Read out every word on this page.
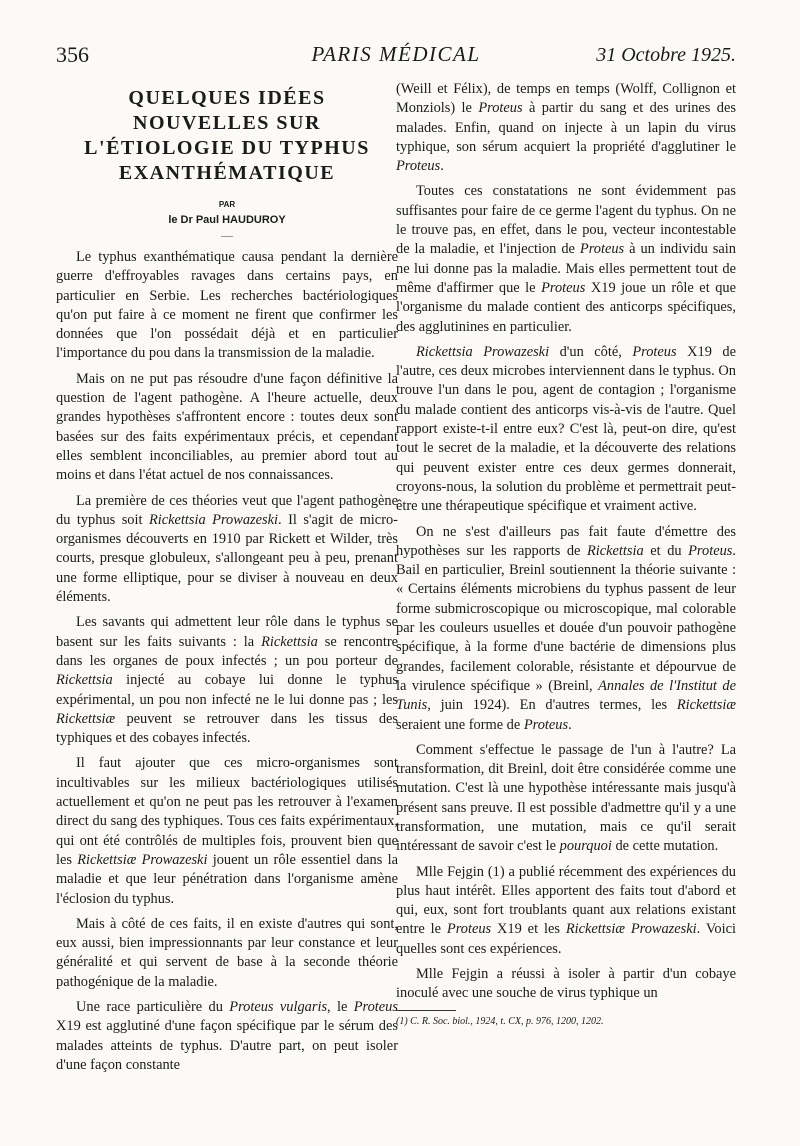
356	PARIS MÉDICAL	31 Octobre 1925.
QUELQUES IDÉES
NOUVELLES SUR
L'ÉTIOLOGIE DU TYPHUS
EXANTHÉMATIQUE
PAR
le Dr Paul HAUDUROY
—

Le typhus exanthématique causa pendant la dernière guerre d'effroyables ravages dans certains pays, en particulier en Serbie. Les recherches bactériologiques qu'on put faire à ce moment ne firent que confirmer les données que l'on possédait déjà et en particulier l'importance du pou dans la transmission de la maladie.

Mais on ne put pas résoudre d'une façon définitive la question de l'agent pathogène. A l'heure actuelle, deux grandes hypothèses s'affrontent encore : toutes deux sont basées sur des faits expérimentaux précis, et cependant elles semblent inconciliables, au premier abord tout au moins et dans l'état actuel de nos connaissances.

La première de ces théories veut que l'agent pathogène du typhus soit Rickettsia Prowazeski. Il s'agit de micro-organismes découverts en 1910 par Rickett et Wilder, très courts, presque globuleux, s'allongeant peu à peu, prenant une forme elliptique, pour se diviser à nouveau en deux éléments.

Les savants qui admettent leur rôle dans le typhus se basent sur les faits suivants : la Rickettsia se rencontre dans les organes de poux infectés ; un pou porteur de Rickettsia injecté au cobaye lui donne le typhus expérimental, un pou non infecté ne le lui donne pas ; les Rickettsiæ peuvent se retrouver dans les tissus des typhiques et des cobayes infectés.

Il faut ajouter que ces micro-organismes sont incultivables sur les milieux bactériologiques utilisés actuellement et qu'on ne peut pas les retrouver à l'examen direct du sang des typhiques. Tous ces faits expérimentaux, qui ont été contrôlés de multiples fois, prouvent bien que les Rickettsiæ Prowazeski jouent un rôle essentiel dans la maladie et que leur pénétration dans l'organisme amène l'éclosion du typhus.

Mais à côté de ces faits, il en existe d'autres qui sont, eux aussi, bien impressionnants par leur constance et leur généralité et qui servent de base à la seconde théorie pathogénique de la maladie.

Une race particulière du Proteus vulgaris, le Proteus X19 est agglutiné d'une façon spécifique par le sérum des malades atteints de typhus. D'autre part, on peut isoler d'une façon constante

(Weill et Félix), de temps en temps (Wolff, Collignon et Monziols) le Proteus à partir du sang et des urines des malades. Enfin, quand on injecte à un lapin du virus typhique, son sérum acquiert la propriété d'agglutiner le Proteus.

Toutes ces constatations ne sont évidemment pas suffisantes pour faire de ce germe l'agent du typhus. On ne le trouve pas, en effet, dans le pou, vecteur incontestable de la maladie, et l'injection de Proteus à un individu sain ne lui donne pas la maladie. Mais elles permettent tout de même d'affirmer que le Proteus X19 joue un rôle et que l'organisme du malade contient des anticorps spécifiques, des agglutinines en particulier.

Rickettsia Prowazeski d'un côté, Proteus X19 de l'autre, ces deux microbes interviennent dans le typhus. On trouve l'un dans le pou, agent de contagion ; l'organisme du malade contient des anticorps vis-à-vis de l'autre. Quel rapport existe-t-il entre eux? C'est là, peut-on dire, qu'est tout le secret de la maladie, et la découverte des relations qui peuvent exister entre ces deux germes donnerait, croyons-nous, la solution du problème et permettrait peut-être une thérapeutique spécifique et vraiment active.

On ne s'est d'ailleurs pas fait faute d'émettre des hypothèses sur les rapports de Rickettsia et du Proteus. Bail en particulier, Breinl soutiennent la théorie suivante : « Certains éléments microbiens du typhus passent de leur forme submicroscopique ou microscopique, mal colorable par les couleurs usuelles et douée d'un pouvoir pathogène spécifique, à la forme d'une bactérie de dimensions plus grandes, facilement colorable, résistante et dépourvue de la virulence spécifique » (Breinl, Annales de l'Institut de Tunis, juin 1924). En d'autres termes, les Rickettsiæ seraient une forme de Proteus.

Comment s'effectue le passage de l'un à l'autre? La transformation, dit Breinl, doit être considérée comme une mutation. C'est là une hypothèse intéressante mais jusqu'à présent sans preuve. Il est possible d'admettre qu'il y a une transformation, une mutation, mais ce qu'il serait intéressant de savoir c'est le pourquoi de cette mutation.

Mlle Fejgin (1) a publié récemment des expériences du plus haut intérêt. Elles apportent des faits tout d'abord et qui, eux, sont fort troublants quant aux relations existant entre le Proteus X19 et les Rickettsiæ Prowazeski. Voici quelles sont ces expériences.

Mlle Fejgin a réussi à isoler à partir d'un cobaye inoculé avec une souche de virus typhique un

(1) C. R. Soc. biol., 1924, t. CX, p. 976, 1200, 1202.
